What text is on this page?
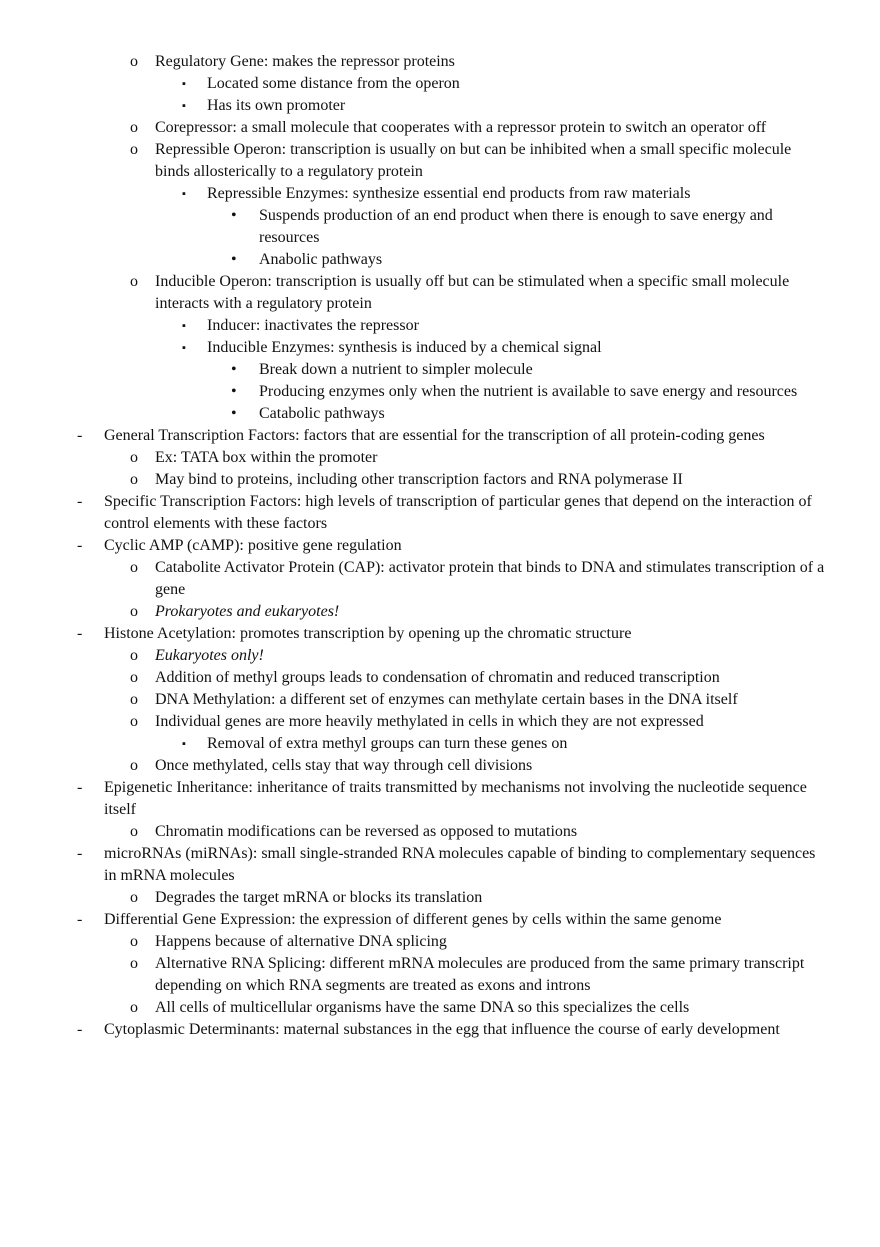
o Regulatory Gene: makes the repressor proteins
▪ Located some distance from the operon
▪ Has its own promoter
o Corepressor: a small molecule that cooperates with a repressor protein to switch an operator off
o Repressible Operon: transcription is usually on but can be inhibited when a small specific molecule binds allosterically to a regulatory protein
▪ Repressible Enzymes: synthesize essential end products from raw materials
• Suspends production of an end product when there is enough to save energy and resources
• Anabolic pathways
o Inducible Operon: transcription is usually off but can be stimulated when a specific small molecule interacts with a regulatory protein
▪ Inducer: inactivates the repressor
▪ Inducible Enzymes: synthesis is induced by a chemical signal
• Break down a nutrient to simpler molecule
• Producing enzymes only when the nutrient is available to save energy and resources
• Catabolic pathways
- General Transcription Factors: factors that are essential for the transcription of all protein-coding genes
o Ex: TATA box within the promoter
o May bind to proteins, including other transcription factors and RNA polymerase II
- Specific Transcription Factors: high levels of transcription of particular genes that depend on the interaction of control elements with these factors
- Cyclic AMP (cAMP): positive gene regulation
o Catabolite Activator Protein (CAP): activator protein that binds to DNA and stimulates transcription of a gene
o Prokaryotes and eukaryotes!
- Histone Acetylation: promotes transcription by opening up the chromatic structure
o Eukaryotes only!
o Addition of methyl groups leads to condensation of chromatin and reduced transcription
o DNA Methylation: a different set of enzymes can methylate certain bases in the DNA itself
o Individual genes are more heavily methylated in cells in which they are not expressed
▪ Removal of extra methyl groups can turn these genes on
o Once methylated, cells stay that way through cell divisions
- Epigenetic Inheritance: inheritance of traits transmitted by mechanisms not involving the nucleotide sequence itself
o Chromatin modifications can be reversed as opposed to mutations
- microRNAs (miRNAs): small single-stranded RNA molecules capable of binding to complementary sequences in mRNA molecules
o Degrades the target mRNA or blocks its translation
- Differential Gene Expression: the expression of different genes by cells within the same genome
o Happens because of alternative DNA splicing
o Alternative RNA Splicing: different mRNA molecules are produced from the same primary transcript depending on which RNA segments are treated as exons and introns
o All cells of multicellular organisms have the same DNA so this specializes the cells
- Cytoplasmic Determinants: maternal substances in the egg that influence the course of early development
